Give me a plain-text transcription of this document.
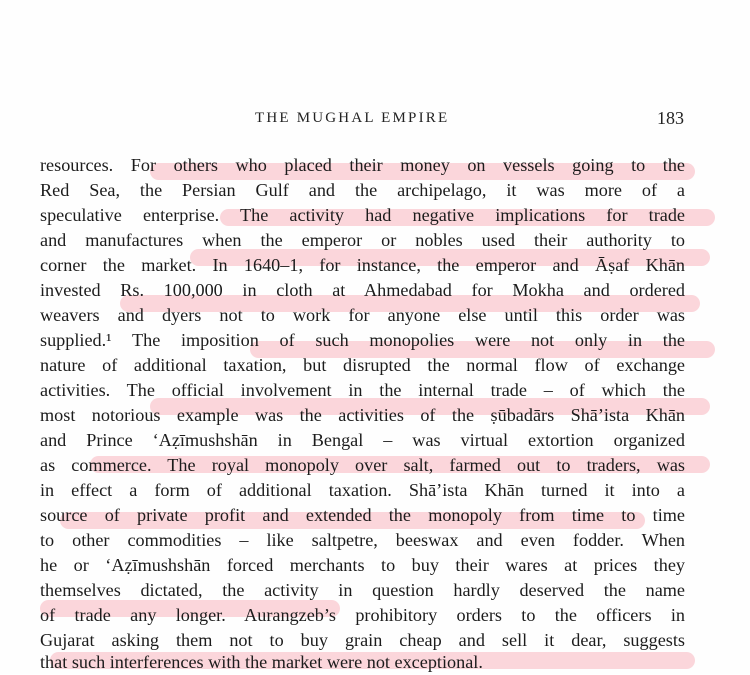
THE MUGHAL EMPIRE	183
resources. For others who placed their money on vessels going to the
Red Sea, the Persian Gulf and the archipelago, it was more of a
speculative enterprise. The activity had negative implications for trade
and manufactures when the emperor or nobles used their authority to
corner the market. In 1640–1, for instance, the emperor and Āṣaf Khān
invested Rs. 100,000 in cloth at Ahmedabad for Mokha and ordered
weavers and dyers not to work for anyone else until this order was
supplied.¹ The imposition of such monopolies were not only in the
nature of additional taxation, but disrupted the normal flow of exchange
activities. The official involvement in the internal trade – of which the
most notorious example was the activities of the ṣūbadārs Shā’ista Khān
and Prince ‘Aẓīmushshān in Bengal – was virtual extortion organized
as commerce. The royal monopoly over salt, farmed out to traders, was
in effect a form of additional taxation. Shā’ista Khān turned it into a
source of private profit and extended the monopoly from time to time
to other commodities – like saltpetre, beeswax and even fodder. When
he or ‘Aẓīmushshān forced merchants to buy their wares at prices they
themselves dictated, the activity in question hardly deserved the name
of trade any longer. Aurangzeb’s prohibitory orders to the officers in
Gujarat asking them not to buy grain cheap and sell it dear, suggests
that such interferences with the market were not exceptional.
